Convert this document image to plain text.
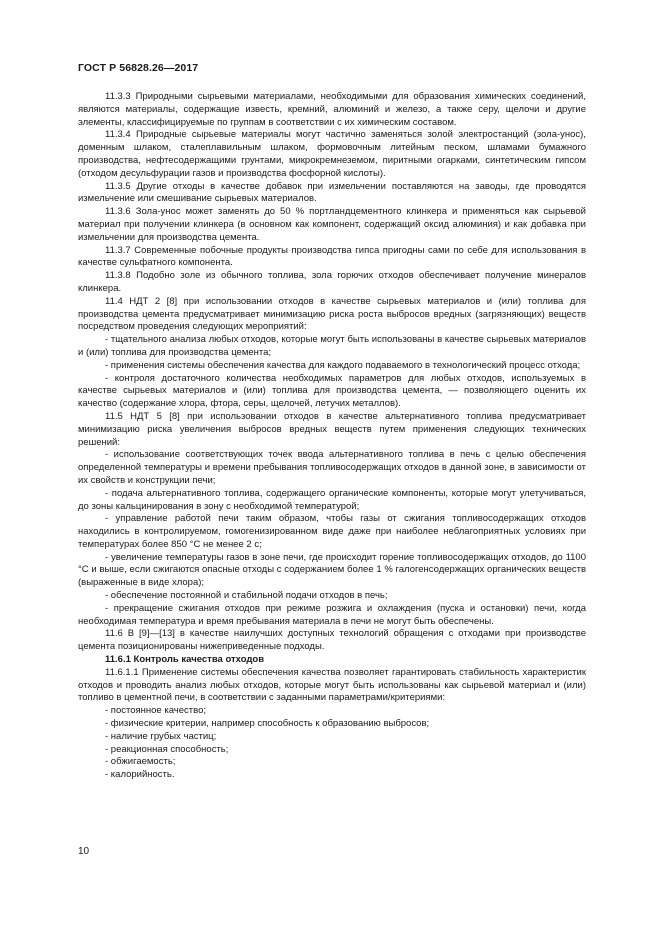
ГОСТ Р 56828.26—2017

11.3.3 Природными сырьевыми материалами, необходимыми для образования химических соединений, являются материалы, содержащие известь, кремний, алюминий и железо, а также серу, щелочи и другие элементы, классифицируемые по группам в соответствии с их химическим составом.

11.3.4 Природные сырьевые материалы могут частично заменяться золой электростанций (зола-унос), доменным шлаком, сталеплавильным шлаком, формовочным литейным песком, шламами бумажного производства, нефтесодержащими грунтами, микрокремнеземом, пиритными огарками, синтетическим гипсом (отходом десульфурации газов и производства фосфорной кислоты).

11.3.5 Другие отходы в качестве добавок при измельчении поставляются на заводы, где проводятся измельчение или смешивание сырьевых материалов.

11.3.6 Зола-унос может заменять до 50 % портландцементного клинкера и применяться как сырьевой материал при получении клинкера (в основном как компонент, содержащий оксид алюминия) и как добавка при измельчении для производства цемента.

11.3.7 Современные побочные продукты производства гипса пригодны сами по себе для использования в качестве сульфатного компонента.

11.3.8 Подобно золе из обычного топлива, зола горючих отходов обеспечивает получение минералов клинкера.

11.4 НДТ 2 [8] при использовании отходов в качестве сырьевых материалов и (или) топлива для производства цемента предусматривает минимизацию риска роста выбросов вредных (загрязняющих) веществ посредством проведения следующих мероприятий:

- тщательного анализа любых отходов, которые могут быть использованы в качестве сырьевых материалов и (или) топлива для производства цемента;

- применения системы обеспечения качества для каждого подаваемого в технологический процесс отхода;

- контроля достаточного количества необходимых параметров для любых отходов, используемых в качестве сырьевых материалов и (или) топлива для производства цемента, — позволяющего оценить их качество (содержание хлора, фтора, серы, щелочей, летучих металлов).

11.5 НДТ 5 [8] при использовании отходов в качестве альтернативного топлива предусматривает минимизацию риска увеличения выбросов вредных веществ путем применения следующих технических решений:

- использование соответствующих точек ввода альтернативного топлива в печь с целью обеспечения определенной температуры и времени пребывания топливосодержащих отходов в данной зоне, в зависимости от их свойств и конструкции печи;

- подача альтернативного топлива, содержащего органические компоненты, которые могут улетучиваться, до зоны кальцинирования в зону с необходимой температурой;

- управление работой печи таким образом, чтобы газы от сжигания топливосодержащих отходов находились в контролируемом, гомогенизированном виде даже при наиболее неблагоприятных условиях при температурах более 850 °С не менее 2 с;

- увеличение температуры газов в зоне печи, где происходит горение топливосодержащих отходов, до 1100 °С и выше, если сжигаются опасные отходы с содержанием более 1 % галогенсодержащих органических веществ (выраженные в виде хлора);

- обеспечение постоянной и стабильной подачи отходов в печь;

- прекращение сжигания отходов при режиме розжига и охлаждения (пуска и остановки) печи, когда необходимая температура и время пребывания материала в печи не могут быть обеспечены.

11.6 В [9]—[13] в качестве наилучших доступных технологий обращения с отходами при производстве цемента позиционированы нижеприведенные подходы.

11.6.1 Контроль качества отходов

11.6.1.1 Применение системы обеспечения качества позволяет гарантировать стабильность характеристик отходов и проводить анализ любых отходов, которые могут быть использованы как сырьевой материал и (или) топливо в цементной печи, в соответствии с заданными параметрами/критериями:

- постоянное качество;

- физические критерии, например способность к образованию выбросов;

- наличие грубых частиц;

- реакционная способность;

- обжигаемость;

- калорийность.

10
